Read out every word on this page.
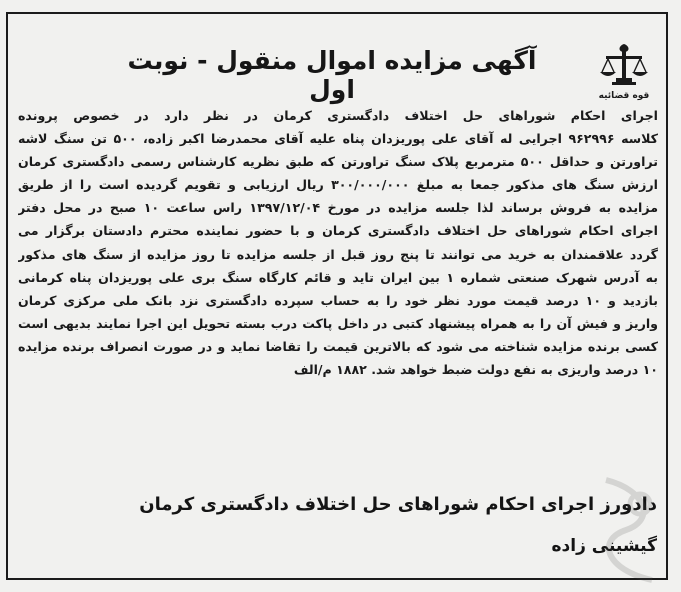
آگهی مزایده اموال منقول - نوبت اول	قوه قضائیه
اجرای احکام شوراهای حل اختلاف دادگستری کرمان در نظر دارد در خصوص پرونده
کلاسه ۹۶۲۹۹۶ اجرایی له آقای علی پوریزدان پناه علیه آقای محمدرضا اکبر زاده، ۵۰۰ تن سنگ لاشه
تراورتن و حداقل ۵۰۰ مترمربع پلاک سنگ تراورتن که طبق نظریه کارشناس رسمی دادگستری کرمان
ارزش سنگ های مذکور جمعا به مبلغ ۳۰۰/۰۰۰/۰۰۰ ریال ارزیابی و تقویم گردیده است را از طریق
مزایده به فروش برساند لذا جلسه مزایده در مورخ ۱۳۹۷/۱۲/۰۴ راس ساعت ۱۰ صبح در محل دفتر
اجرای احکام شوراهای حل اختلاف دادگستری کرمان و با حضور نماینده محترم دادستان برگزار می
گردد علاقمندان به خرید می توانند تا پنج روز قبل از جلسه مزایده تا روز مزایده از سنگ های مذکور
به آدرس شهرک صنعتی شماره ۱ بین ایران تاید و قائم کارگاه سنگ بری علی پوریزدان پناه کرمانی
بازدید و ۱۰ درصد قیمت مورد نظر خود را به حساب سپرده دادگستری نزد بانک ملی مرکزی کرمان
واریز و فیش آن را به همراه پیشنهاد کتبی در داخل پاکت درب بسته تحویل این اجرا نمایند بدیهی است
کسی برنده مزایده شناخته می شود که بالاترین قیمت را تقاضا نماید و در صورت انصراف برنده مزایده
۱۰ درصد واریزی به نفع دولت ضبط خواهد شد. ۱۸۸۲ م/الف
دادورز اجرای احکام شوراهای حل اختلاف دادگستری کرمان
گیشینی زاده
